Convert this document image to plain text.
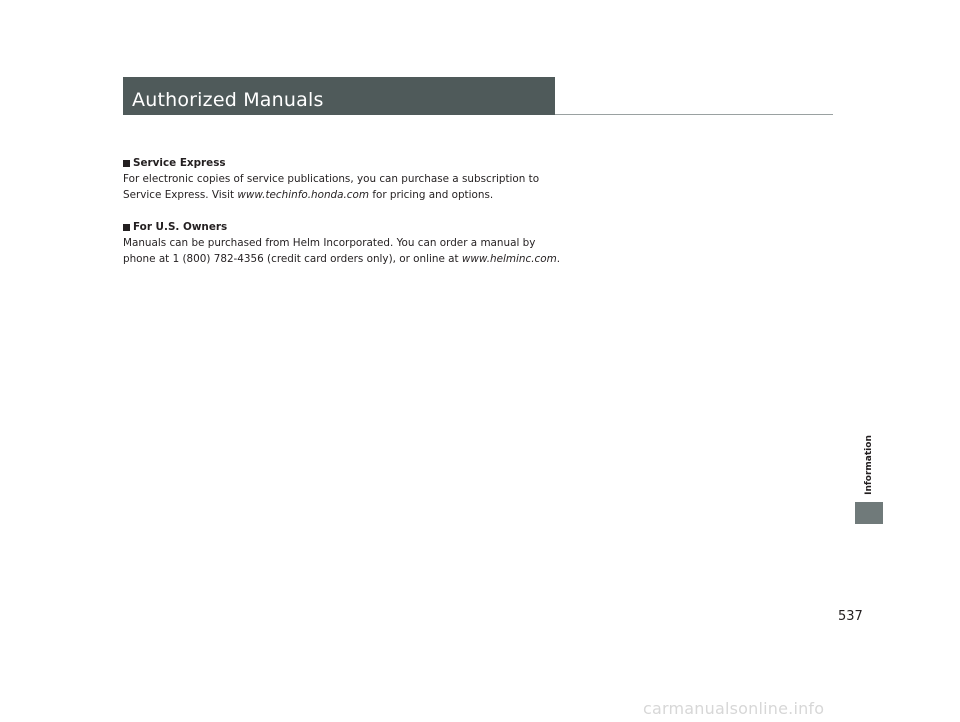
Authorized Manuals
Service Express

For electronic copies of service publications, you can purchase a subscription to

Service Express. Visit www.techinfo.honda.com for pricing and options.

For U.S. Owners

Manuals can be purchased from Helm Incorporated. You can order a manual by

phone at 1 (800) 782-4356 (credit card orders only), or online at www.helminc.com.

Information
537
carmanualsonline.info
